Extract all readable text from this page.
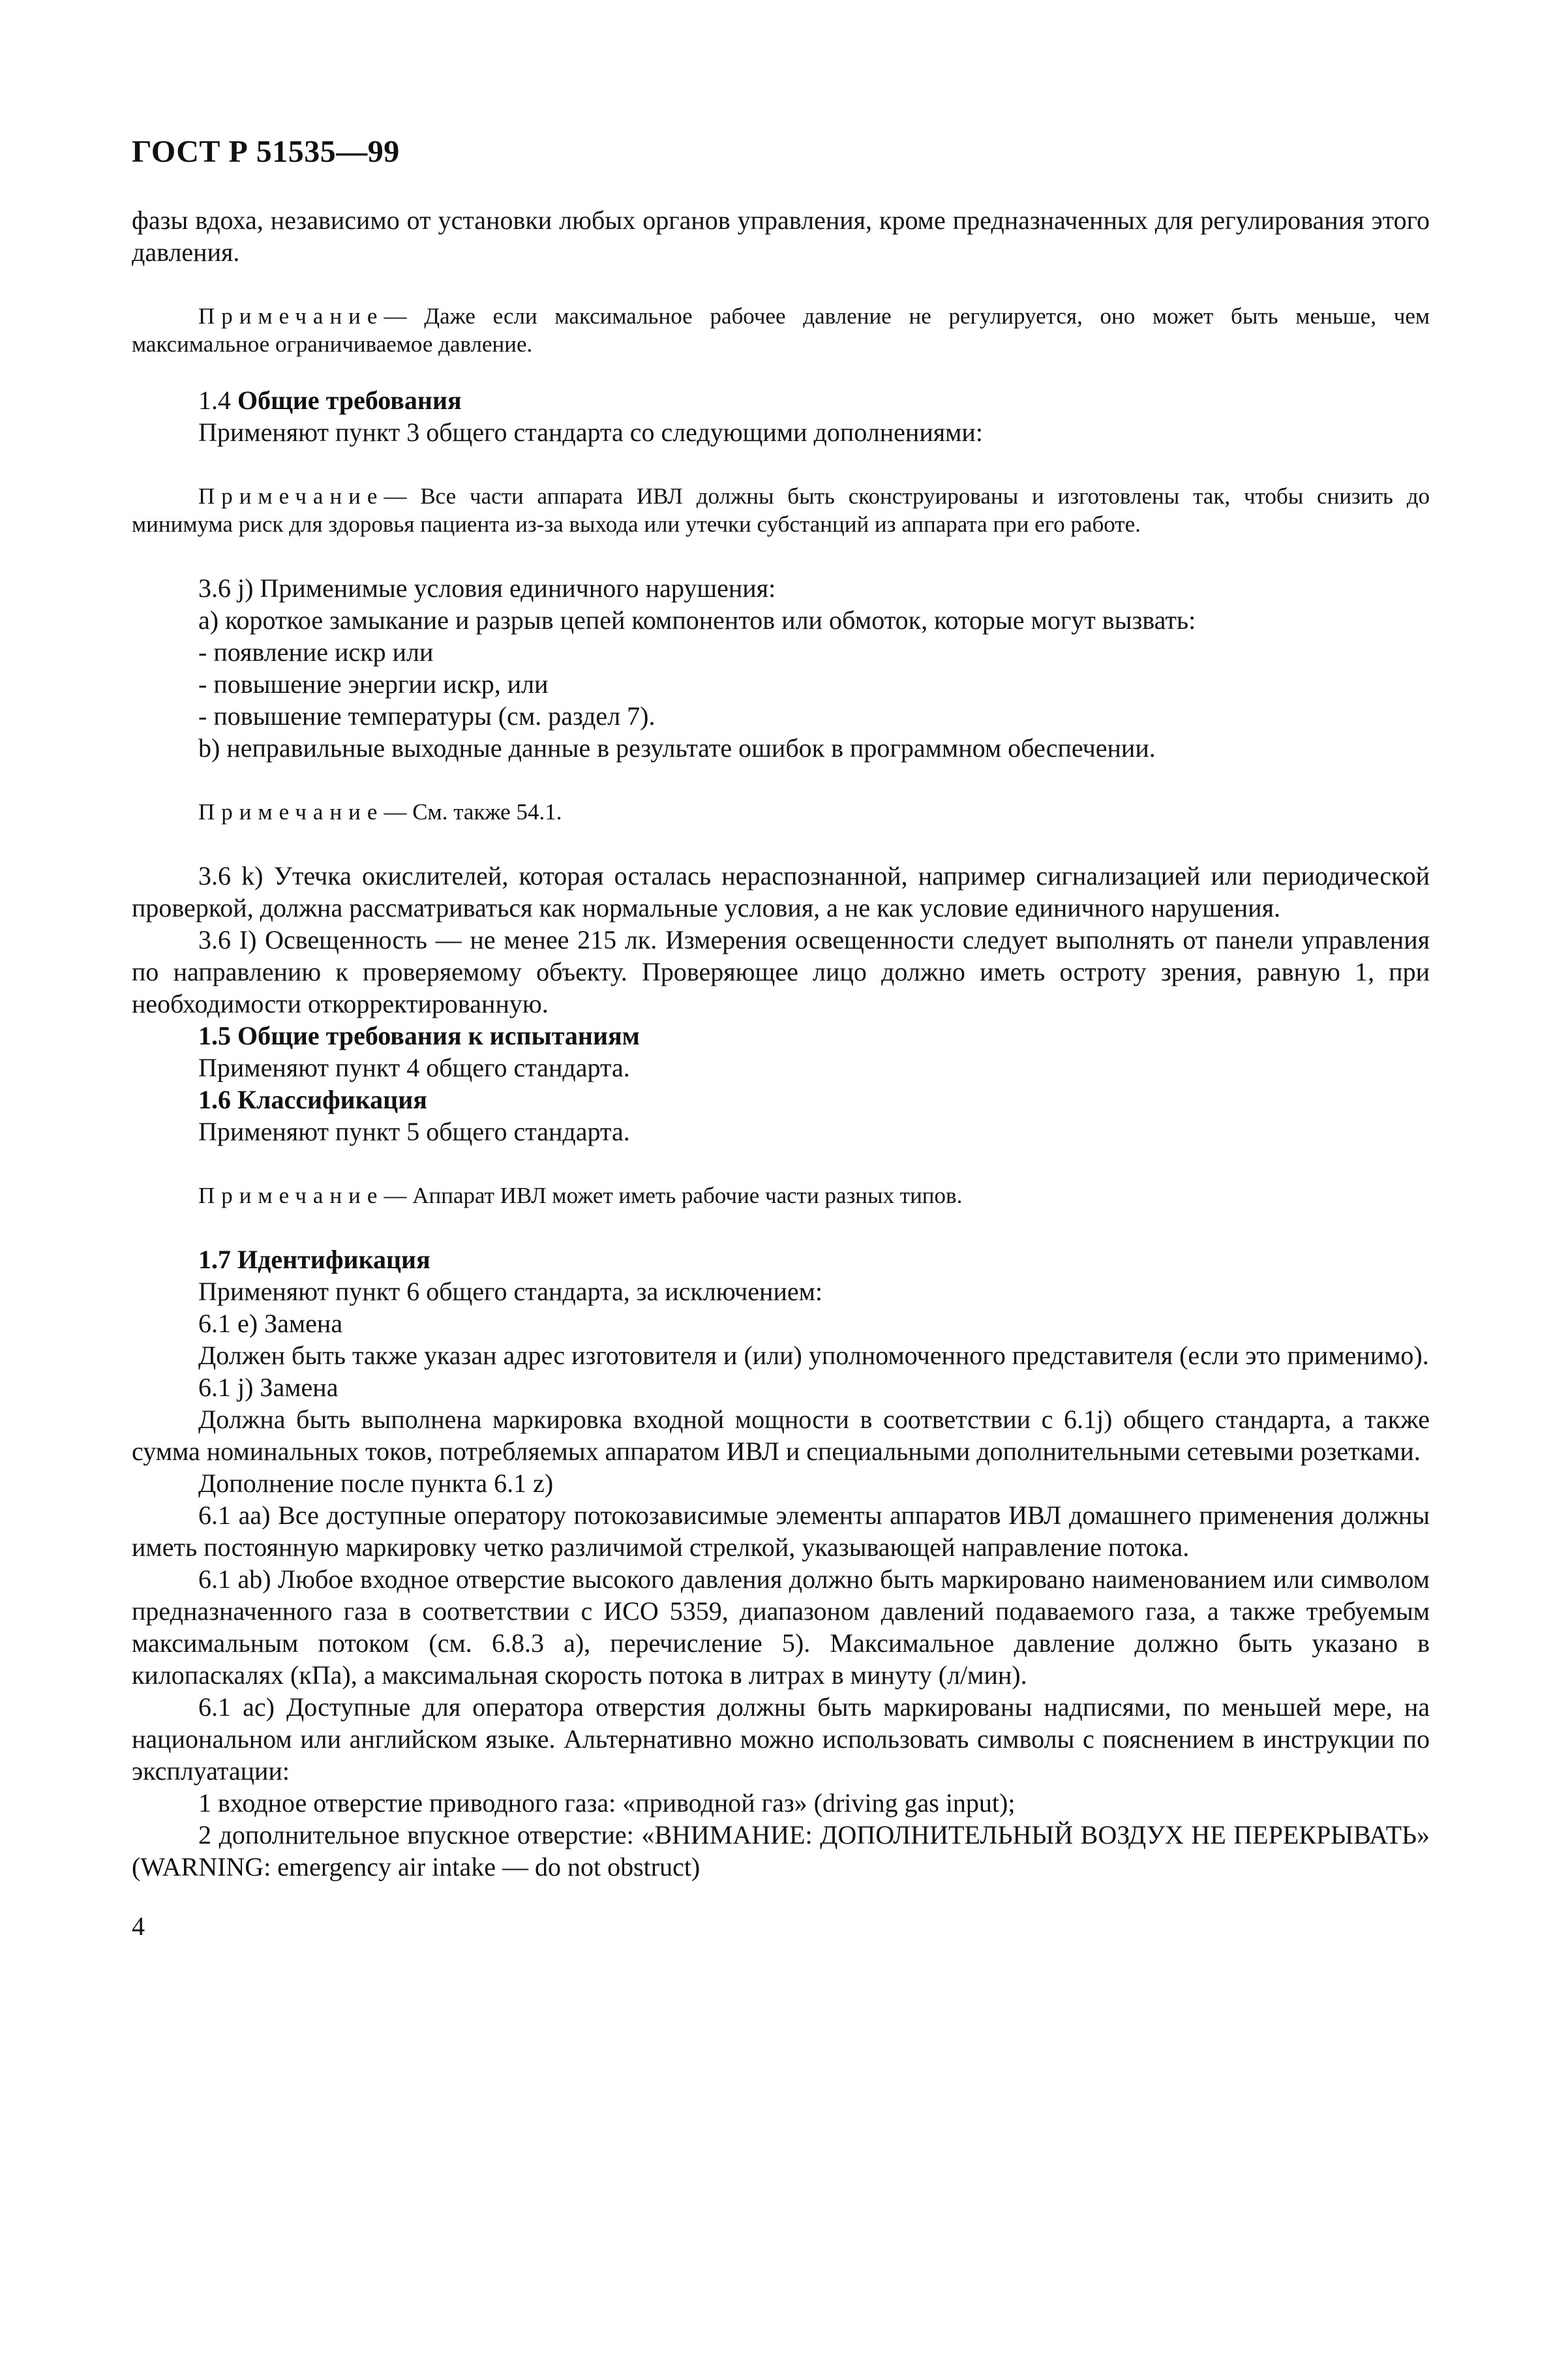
ГОСТ Р 51535—99

фазы вдоха, независимо от установки любых органов управления, кроме предназначенных для регулирования этого давления.

Примечание— Даже если максимальное рабочее давление не регулируется, оно может быть меньше, чем максимальное ограничиваемое давление.

1.4 Общие требования

Применяют пункт 3 общего стандарта со следующими дополнениями:

Примечание— Все части аппарата ИВЛ должны быть сконструированы и изготовлены так, чтобы снизить до минимума риск для здоровья пациента из-за выхода или утечки субстанций из аппарата при его работе.

3.6 j) Применимые условия единичного нарушения:

а) короткое замыкание и разрыв цепей компонентов или обмоток, которые могут вызвать:

- появление искр или
- повышение энергии искр, или
- повышение температуры (см. раздел 7).

b) неправильные выходные данные в результате ошибок в программном обеспечении.

Примечание— См. также 54.1.

3.6 k) Утечка окислителей, которая осталась нераспознанной, например сигнализацией или периодической проверкой, должна рассматриваться как нормальные условия, а не как условие единичного нарушения.

3.6 I) Освещенность — не менее 215 лк. Измерения освещенности следует выполнять от панели управления по направлению к проверяемому объекту. Проверяющее лицо должно иметь остроту зрения, равную 1, при необходимости откорректированную.

1.5 Общие требования к испытаниям

Применяют пункт 4 общего стандарта.

1.6 Классификация

Применяют пункт 5 общего стандарта.

Примечание— Аппарат ИВЛ может иметь рабочие части разных типов.

1.7 Идентификация

Применяют пункт 6 общего стандарта, за исключением:

6.1 е) Замена

Должен быть также указан адрес изготовителя и (или) уполномоченного представителя (если это применимо).

6.1 j) Замена

Должна быть выполнена маркировка входной мощности в соответствии с 6.1j) общего стандарта, а также сумма номинальных токов, потребляемых аппаратом ИВЛ и специальными дополнительными сетевыми розетками.

Дополнение после пункта 6.1 z)

6.1 аа) Все доступные оператору потокозависимые элементы аппаратов ИВЛ домашнего применения должны иметь постоянную маркировку четко различимой стрелкой, указывающей направление потока.

6.1 ab) Любое входное отверстие высокого давления должно быть маркировано наименованием или символом предназначенного газа в соответствии с ИСО 5359, диапазоном давлений подаваемого газа, а также требуемым максимальным потоком (см. 6.8.3 а), перечисление 5). Максимальное давление должно быть указано в килопаскалях (кПа), а максимальная скорость потока в литрах в минуту (л/мин).

6.1 ас) Доступные для оператора отверстия должны быть маркированы надписями, по меньшей мере, на национальном или английском языке. Альтернативно можно использовать символы с пояснением в инструкции по эксплуатации:

1 входное отверстие приводного газа: «приводной газ» (driving gas input);

2 дополнительное впускное отверстие: «ВНИМАНИЕ: ДОПОЛНИТЕЛЬНЫЙ ВОЗДУХ НЕ ПЕРЕКРЫВАТЬ» (WARNING: emergency air intake — do not obstruct)

4
